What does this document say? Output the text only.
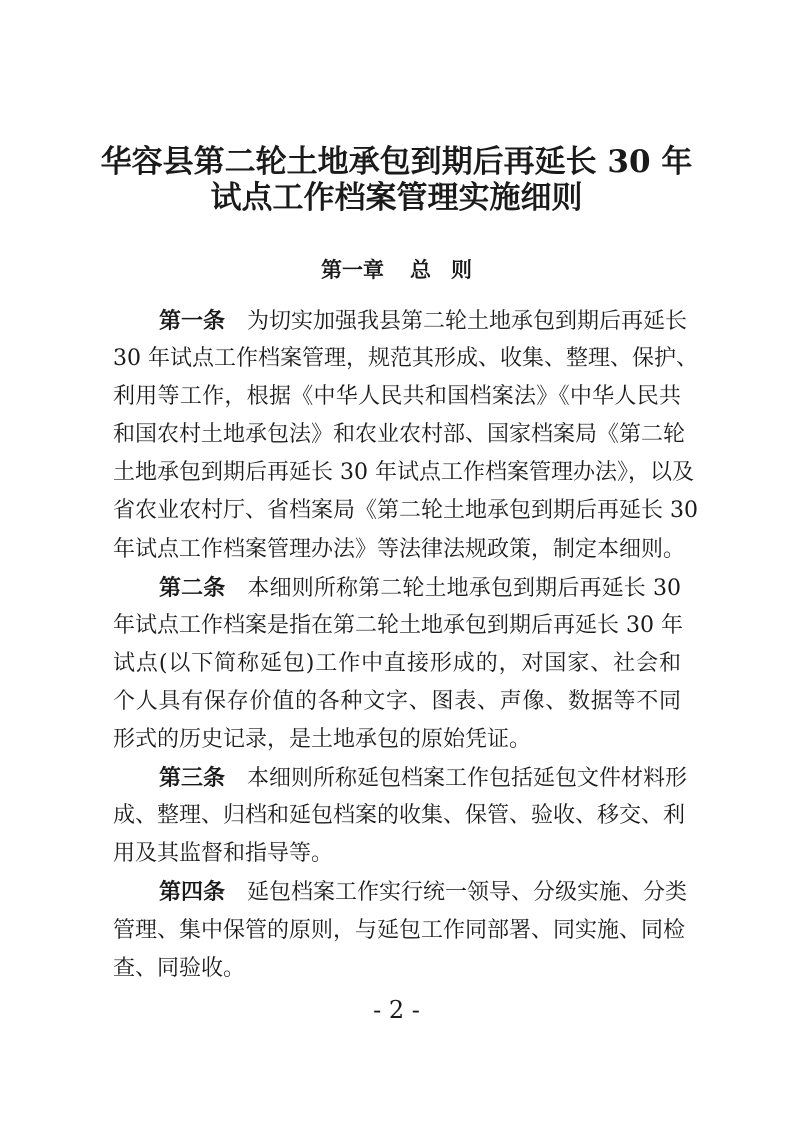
华容县第二轮土地承包到期后再延长 30 年
试点工作档案管理实施细则
第一章 总 则
第一条 为切实加强我县第二轮土地承包到期后再延长
30 年试点工作档案管理，规范其形成、收集、整理、保护、
利用等工作，根据《中华人民共和国档案法》《中华人民共
和国农村土地承包法》和农业农村部、国家档案局《第二轮
土地承包到期后再延长 30 年试点工作档案管理办法》，以及
省农业农村厅、省档案局《第二轮土地承包到期后再延长 30
年试点工作档案管理办法》等法律法规政策，制定本细则。
第二条 本细则所称第二轮土地承包到期后再延长 30
年试点工作档案是指在第二轮土地承包到期后再延长 30 年
试点(以下简称延包)工作中直接形成的，对国家、社会和
个人具有保存价值的各种文字、图表、声像、数据等不同
形式的历史记录，是土地承包的原始凭证。
第三条 本细则所称延包档案工作包括延包文件材料形
成、整理、归档和延包档案的收集、保管、验收、移交、利
用及其监督和指导等。
第四条 延包档案工作实行统一领导、分级实施、分类
管理、集中保管的原则，与延包工作同部署、同实施、同检
查、同验收。
- 2 -
